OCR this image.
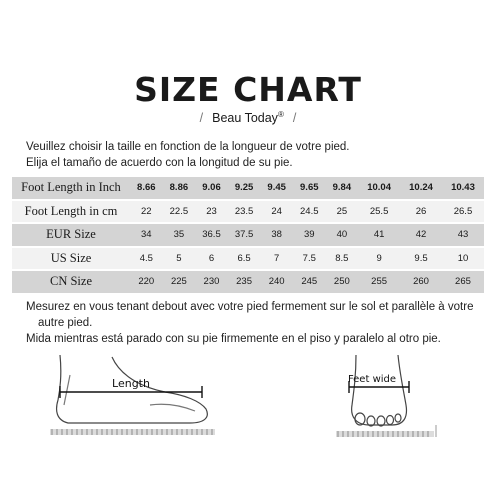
SIZE CHART
/ Beau Today® /
Veuillez choisir la taille en fonction de la longueur de votre pied.
Elija el tamaño de acuerdo con la longitud de su pie.
Foot Length in Inch	8.66	8.86	9.06	9.25	9.45	9.65	9.84	10.04	10.24	10.43
Foot Length in cm	22	22.5	23	23.5	24	24.5	25	25.5	26	26.5
EUR Size	34	35	36.5	37.5	38	39	40	41	42	43
US Size	4.5	5	6	6.5	7	7.5	8.5	9	9.5	10
CN Size	220	225	230	235	240	245	250	255	260	265
Mesurez en vous tenant debout avec votre pied fermement sur le sol et parallèle à votre
autre pied.
Mida mientras está parado con su pie firmemente en el piso y paralelo al otro pie.
Length	Feet wide
